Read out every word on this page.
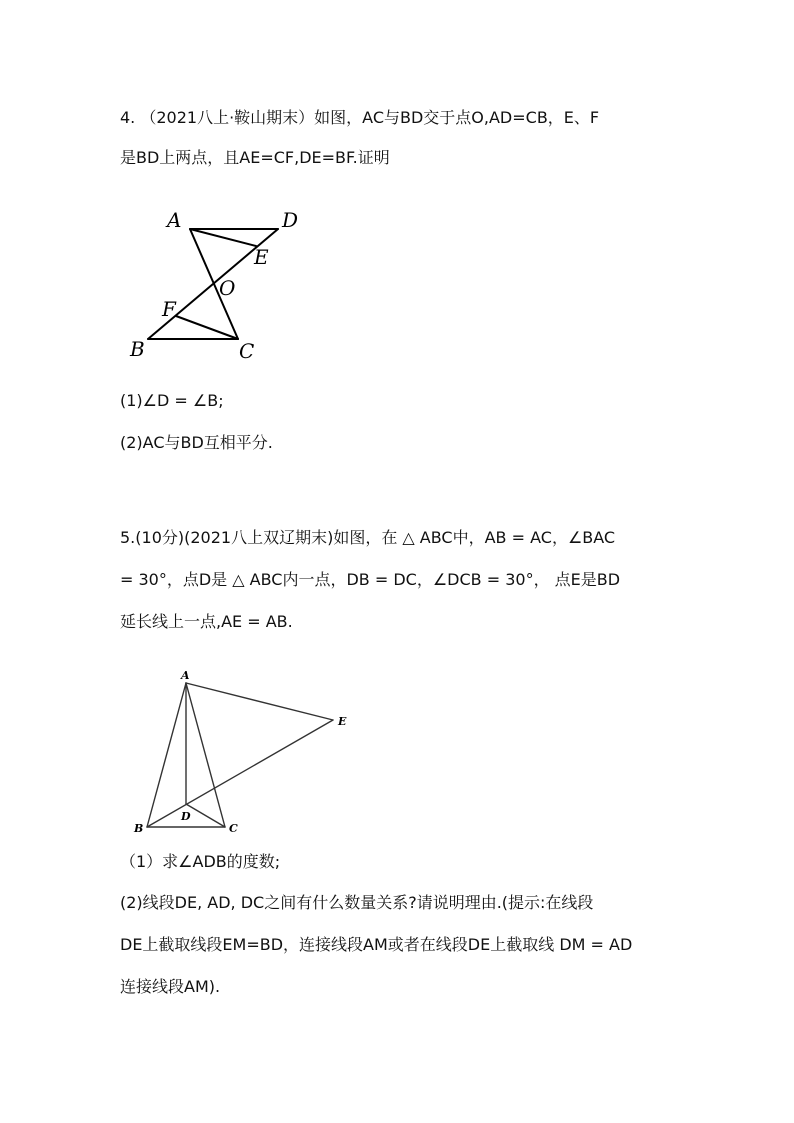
4. （2021八上·鞍山期末）如图，AC与BD交于点O,AD=CB，E、F
是BD上两点，且AE=CF,DE=BF.证明
A	D
E
O
F
B	C
(1)∠D = ∠B;
(2)AC与BD互相平分.
5.(10分)(2021八上双辽期末)如图，在 △ ABC中，AB = AC，∠BAC
= 30°，点D是 △ ABC内一点，DB = DC，∠DCB = 30°， 点E是BD
延长线上一点,AE = AB.
A
E
D
B	C
（1）求∠ADB的度数;
(2)线段DE, AD, DC之间有什么数量关系?请说明理由.(提示:在线段
DE上截取线段EM=BD，连接线段AM或者在线段DE上截取线 DM = AD
连接线段AM).
